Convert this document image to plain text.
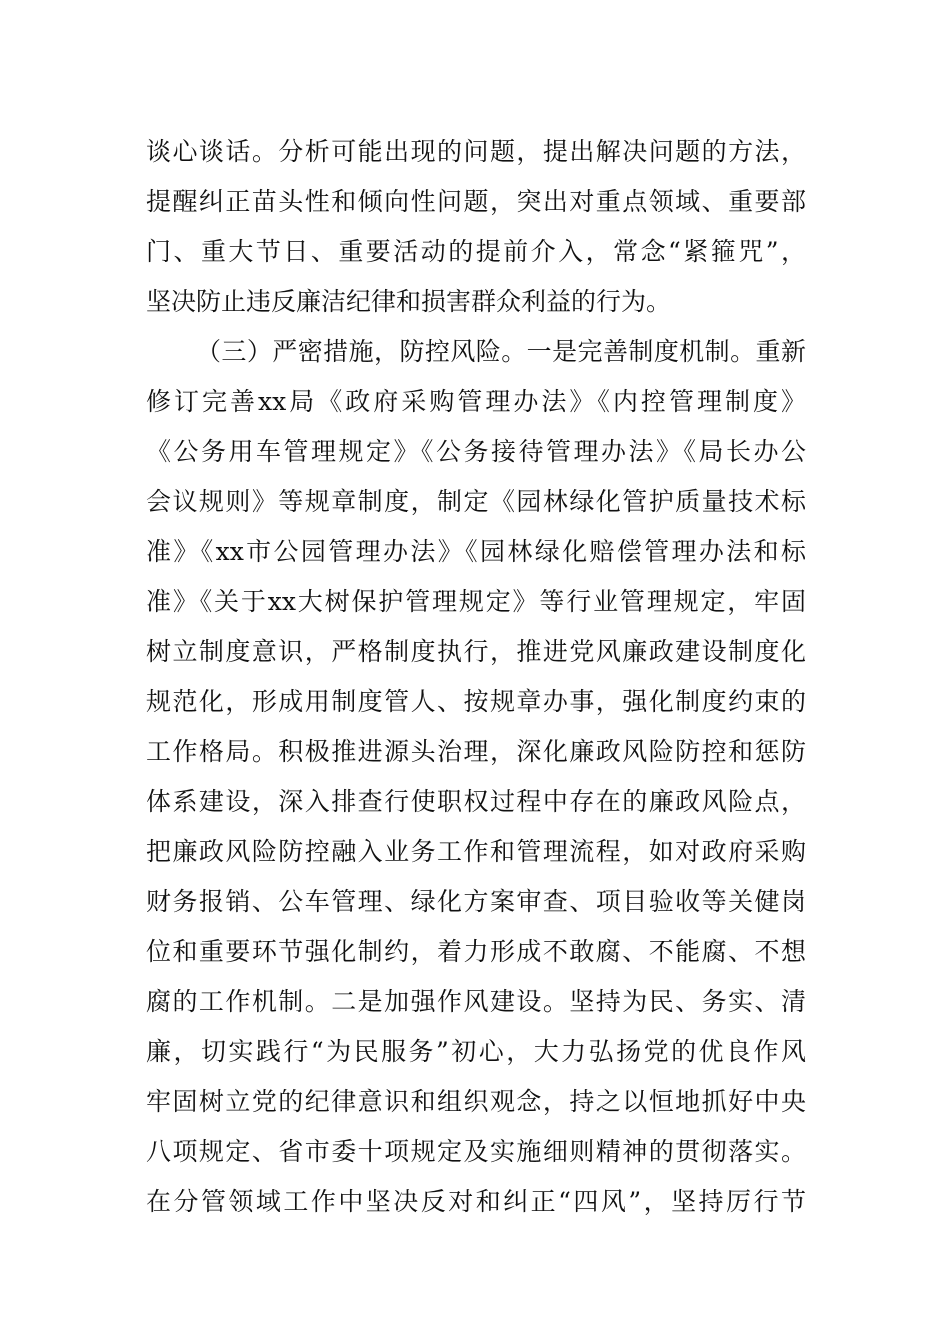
谈心谈话。分析可能出现的问题，提出解决问题的方法，
提醒纠正苗头性和倾向性问题，突出对重点领域、重要部
门、重大节日、重要活动的提前介入，常念“紧箍咒”，
坚决防止违反廉洁纪律和损害群众利益的行为。
（三）严密措施，防控风险。一是完善制度机制。重新
修订完善xx局《政府采购管理办法》《内控管理制度》
《公务用车管理规定》《公务接待管理办法》《局长办公
会议规则》等规章制度，制定《园林绿化管护质量技术标
准》《xx市公园管理办法》《园林绿化赔偿管理办法和标
准》《关于xx大树保护管理规定》等行业管理规定，牢固
树立制度意识，严格制度执行，推进党风廉政建设制度化
规范化，形成用制度管人、按规章办事，强化制度约束的
工作格局。积极推进源头治理，深化廉政风险防控和惩防
体系建设，深入排查行使职权过程中存在的廉政风险点，
把廉政风险防控融入业务工作和管理流程，如对政府采购
财务报销、公车管理、绿化方案审查、项目验收等关健岗
位和重要环节强化制约，着力形成不敢腐、不能腐、不想
腐的工作机制。二是加强作风建设。坚持为民、务实、清
廉，切实践行“为民服务”初心，大力弘扬党的优良作风
牢固树立党的纪律意识和组织观念，持之以恒地抓好中央
八项规定、省市委十项规定及实施细则精神的贯彻落实。
在分管领域工作中坚决反对和纠正“四风”，坚持厉行节
